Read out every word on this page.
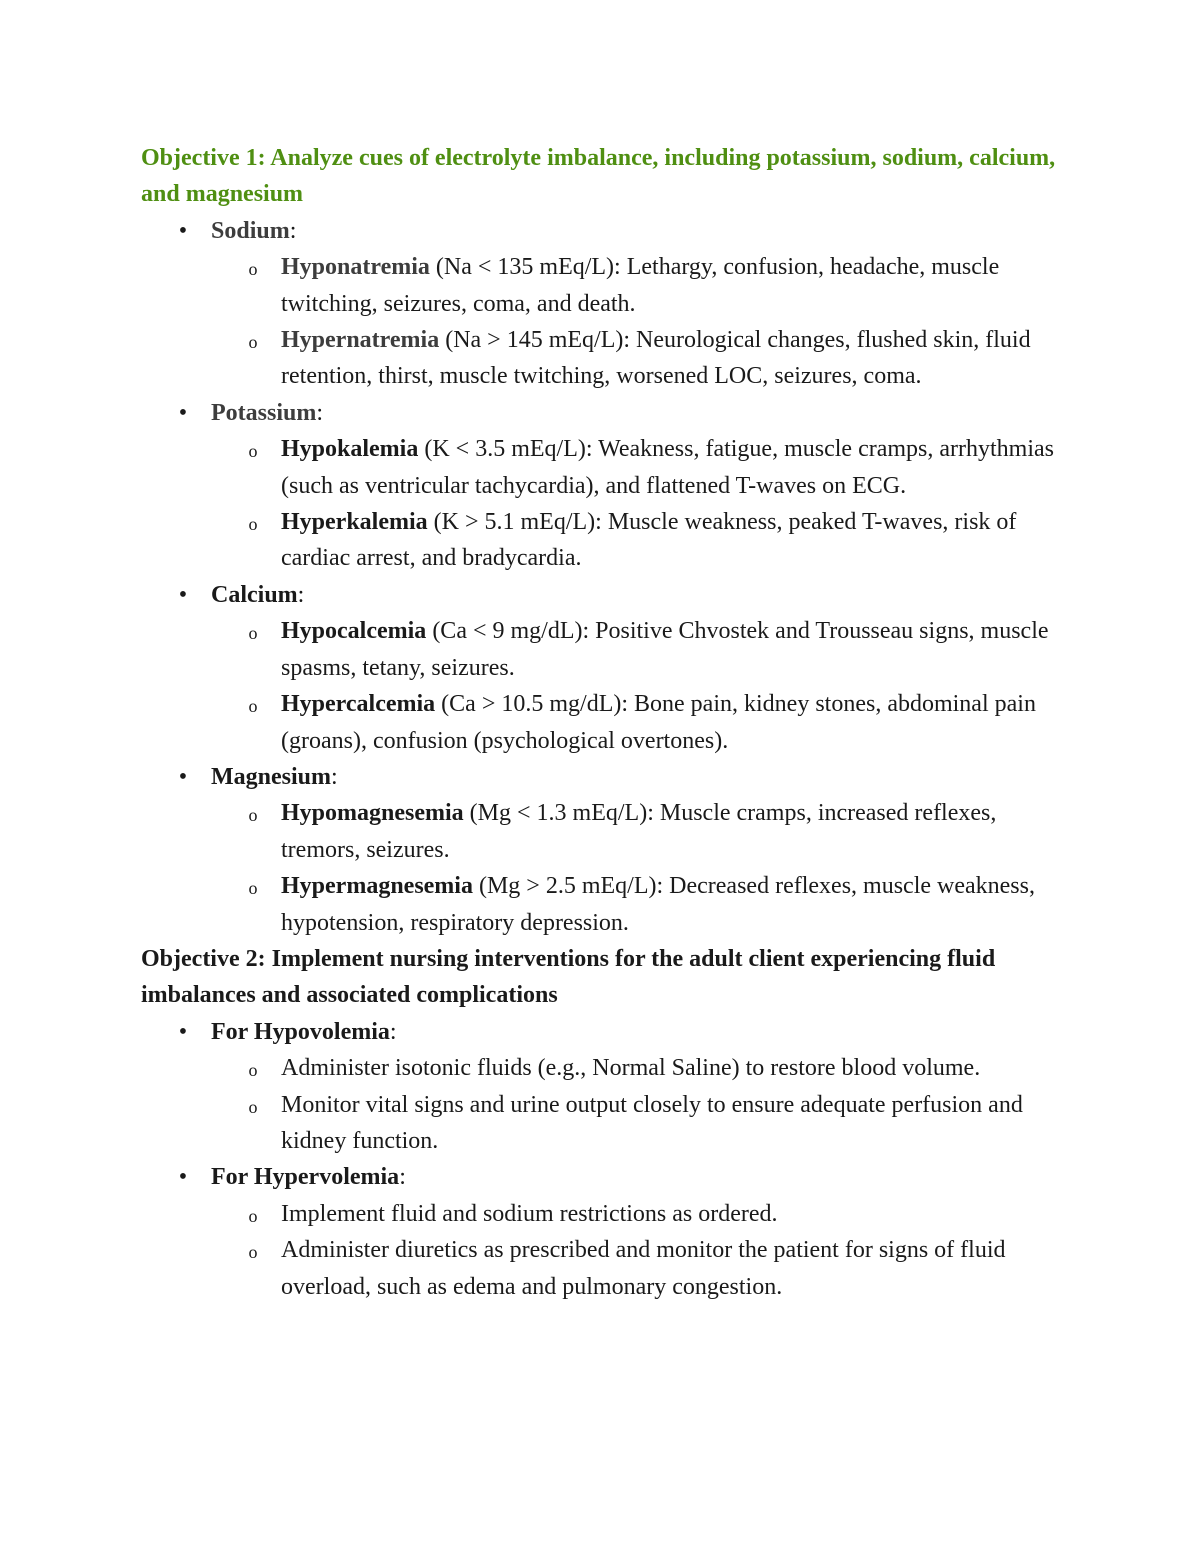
Objective 1: Analyze cues of electrolyte imbalance, including potassium, sodium, calcium, and magnesium

• Sodium:
o Hyponatremia (Na < 135 mEq/L): Lethargy, confusion, headache, muscle twitching, seizures, coma, and death.
o Hypernatremia (Na > 145 mEq/L): Neurological changes, flushed skin, fluid retention, thirst, muscle twitching, worsened LOC, seizures, coma.
• Potassium:
o Hypokalemia (K < 3.5 mEq/L): Weakness, fatigue, muscle cramps, arrhythmias (such as ventricular tachycardia), and flattened T-waves on ECG.
o Hyperkalemia (K > 5.1 mEq/L): Muscle weakness, peaked T-waves, risk of cardiac arrest, and bradycardia.
• Calcium:
o Hypocalcemia (Ca < 9 mg/dL): Positive Chvostek and Trousseau signs, muscle spasms, tetany, seizures.
o Hypercalcemia (Ca > 10.5 mg/dL): Bone pain, kidney stones, abdominal pain (groans), confusion (psychological overtones).
• Magnesium:
o Hypomagnesemia (Mg < 1.3 mEq/L): Muscle cramps, increased reflexes, tremors, seizures.
o Hypermagnesemia (Mg > 2.5 mEq/L): Decreased reflexes, muscle weakness, hypotension, respiratory depression.

Objective 2: Implement nursing interventions for the adult client experiencing fluid imbalances and associated complications

• For Hypovolemia:
o Administer isotonic fluids (e.g., Normal Saline) to restore blood volume.
o Monitor vital signs and urine output closely to ensure adequate perfusion and kidney function.
• For Hypervolemia:
o Implement fluid and sodium restrictions as ordered.
o Administer diuretics as prescribed and monitor the patient for signs of fluid overload, such as edema and pulmonary congestion.
